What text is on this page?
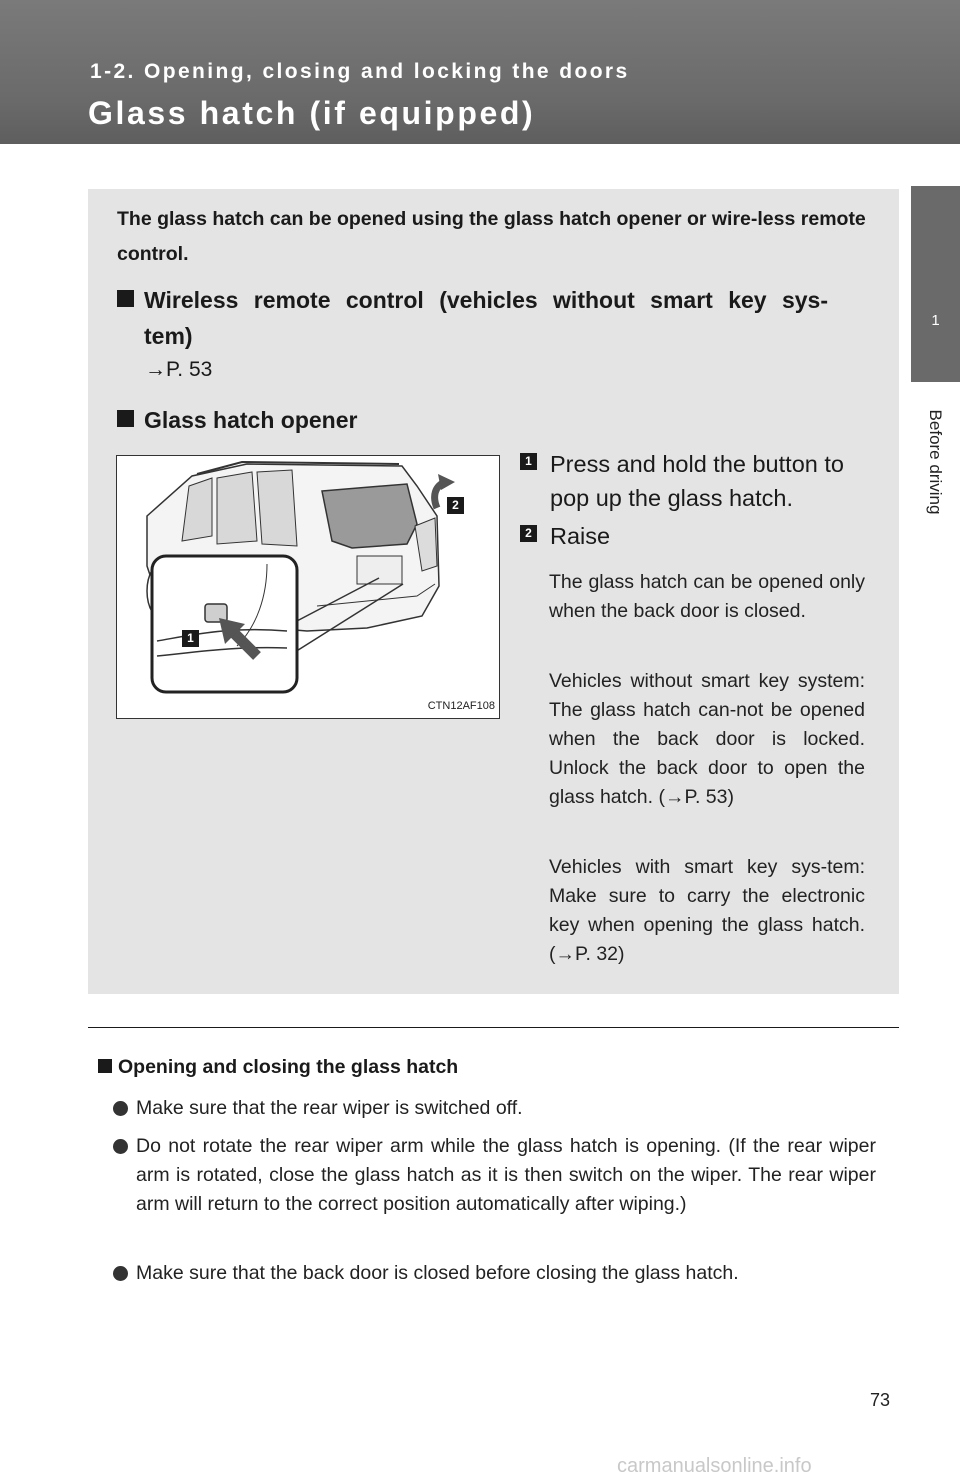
1-2. Opening, closing and locking the doors
Glass hatch (if equipped)
1
Before driving
The glass hatch can be opened using the glass hatch opener or wire-less remote control.
Wireless remote control (vehicles without smart key sys-
tem)
→P. 53
Glass hatch opener
2
1
CTN12AF108
1 Press and hold the button to pop up the glass hatch.
2 Raise
The glass hatch can be opened only when the back door is closed.
Vehicles without smart key system: The glass hatch can-not be opened when the back door is locked. Unlock the back door to open the glass hatch. (→P. 53)
Vehicles with smart key sys-tem: Make sure to carry the electronic key when opening the glass hatch. (→P. 32)
Opening and closing the glass hatch
Make sure that the rear wiper is switched off.
Do not rotate the rear wiper arm while the glass hatch is opening. (If the rear wiper arm is rotated, close the glass hatch as it is then switch on the wiper. The rear wiper arm will return to the correct position automatically after wiping.)
Make sure that the back door is closed before closing the glass hatch.
73
carmanualsonline.info
